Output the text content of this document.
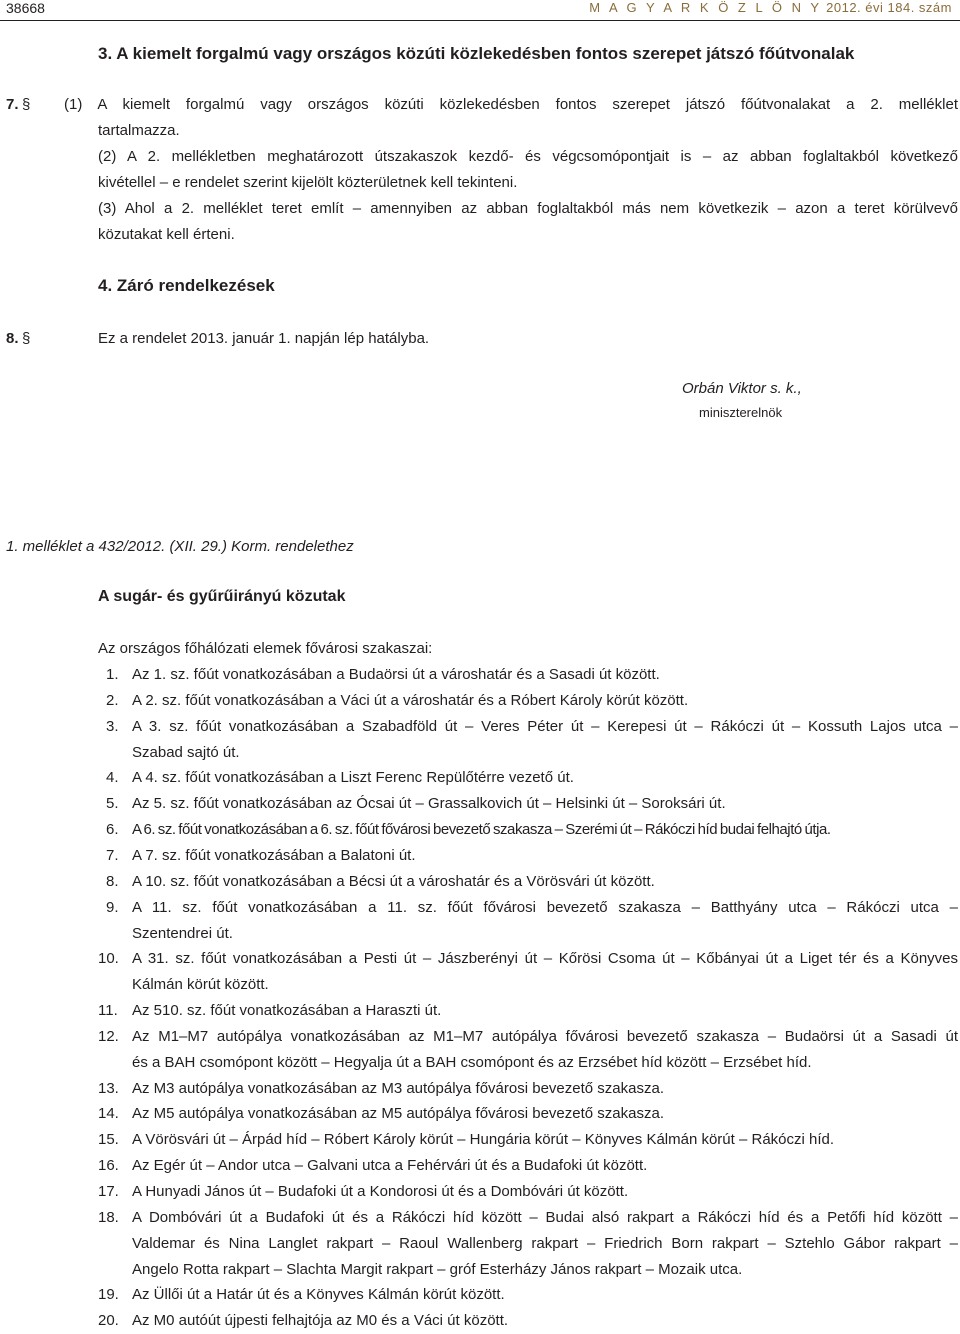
38668	M A G Y A R K Ö Z L Ö N Y 2012. évi 184. szám
3. A kiemelt forgalmú vagy országos közúti közlekedésben fontos szerepet játszó főútvonalak
7. § (1) A kiemelt forgalmú vagy országos közúti közlekedésben fontos szerepet játszó főútvonalakat a 2. melléklet
tartalmazza.
(2) A 2. mellékletben meghatározott útszakaszok kezdő- és végcsomópontjait is – az abban foglaltakból következő
kivétellel – e rendelet szerint kijelölt közterületnek kell tekinteni.
(3) Ahol a 2. melléklet teret említ – amennyiben az abban foglaltakból más nem következik – azon a teret körülvevő
közutakat kell érteni.
4. Záró rendelkezések
8. §	Ez a rendelet 2013. január 1. napján lép hatályba.
Orbán Viktor s. k.,
miniszterelnök
1. melléklet a 432/2012. (XII. 29.) Korm. rendelethez
A sugár- és gyűrűirányú közutak
Az országos főhálózati elemek fővárosi szakaszai:
1. Az 1. sz. főút vonatkozásában a Budaörsi út a városhatár és a Sasadi út között.
2. A 2. sz. főút vonatkozásában a Váci út a városhatár és a Róbert Károly körút között.
3. A 3. sz. főút vonatkozásában a Szabadföld út – Veres Péter út – Kerepesi út – Rákóczi út – Kossuth Lajos utca –
Szabad sajtó út.
4. A 4. sz. főút vonatkozásában a Liszt Ferenc Repülőtérre vezető út.
5. Az 5. sz. főút vonatkozásában az Ócsai út – Grassalkovich út – Helsinki út – Soroksári út.
6. A 6. sz. főút vonatkozásában a 6. sz. főút fővárosi bevezető szakasza – Szerémi út – Rákóczi híd budai felhajtó útja.
7. A 7. sz. főút vonatkozásában a Balatoni út.
8. A 10. sz. főút vonatkozásában a Bécsi út a városhatár és a Vörösvári út között.
9. A 11. sz. főút vonatkozásában a 11. sz. főút fővárosi bevezető szakasza – Batthyány utca – Rákóczi utca –
Szentendrei út.
10. A 31. sz. főút vonatkozásában a Pesti út – Jászberényi út – Kőrösi Csoma út – Kőbányai út a Liget tér és a Könyves
Kálmán körút között.
11. Az 510. sz. főút vonatkozásában a Haraszti út.
12. Az M1–M7 autópálya vonatkozásában az M1–M7 autópálya fővárosi bevezető szakasza – Budaörsi út a Sasadi út
és a BAH csomópont között – Hegyalja út a BAH csomópont és az Erzsébet híd között – Erzsébet híd.
13. Az M3 autópálya vonatkozásában az M3 autópálya fővárosi bevezető szakasza.
14. Az M5 autópálya vonatkozásában az M5 autópálya fővárosi bevezető szakasza.
15. A Vörösvári út – Árpád híd – Róbert Károly körút – Hungária körút – Könyves Kálmán körút – Rákóczi híd.
16. Az Egér út – Andor utca – Galvani utca a Fehérvári út és a Budafoki út között.
17. A Hunyadi János út – Budafoki út a Kondorosi út és a Dombóvári út között.
18. A Dombóvári út a Budafoki út és a Rákóczi híd között – Budai alsó rakpart a Rákóczi híd és a Petőfi híd között –
Valdemar és Nina Langlet rakpart – Raoul Wallenberg rakpart – Friedrich Born rakpart – Sztehlo Gábor rakpart –
Angelo Rotta rakpart – Slachta Margit rakpart – gróf Esterházy János rakpart – Mozaik utca.
19. Az Üllői út a Határ út és a Könyves Kálmán körút között.
20. Az M0 autóút újpesti felhajtója az M0 és a Váci út között.
